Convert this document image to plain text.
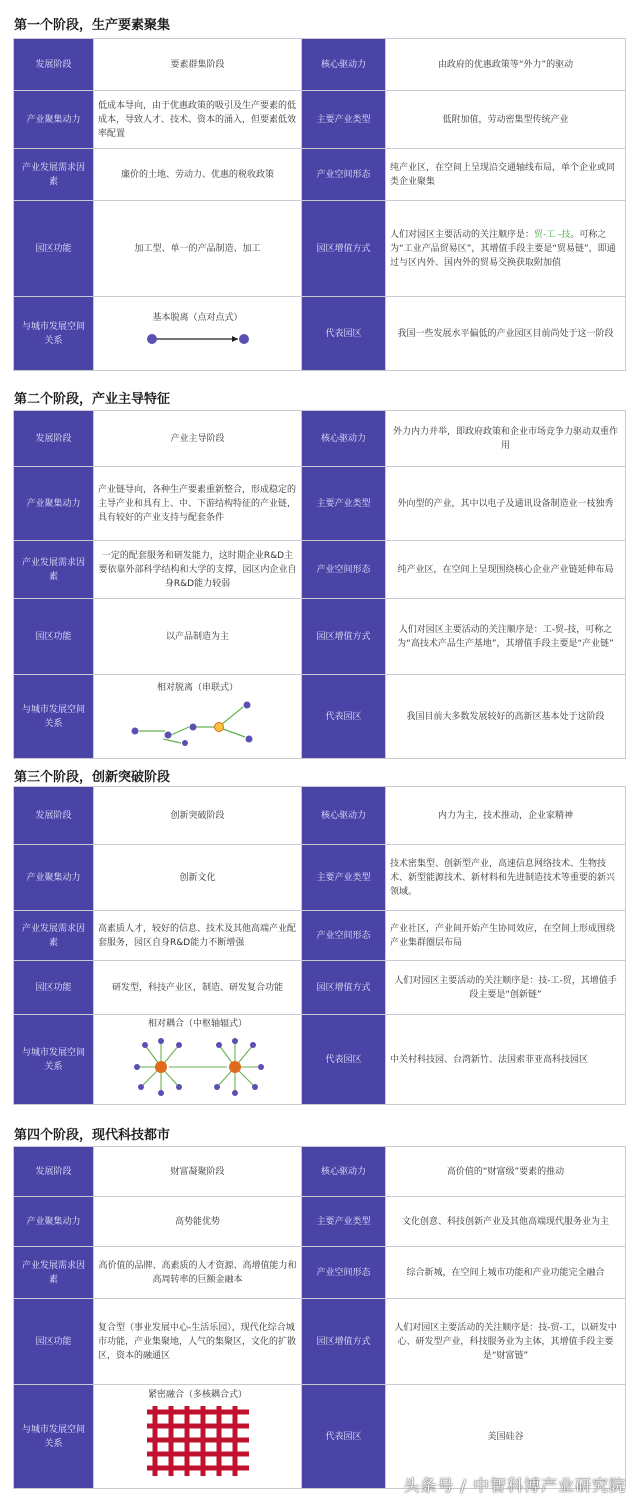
第一个阶段，生产要素聚集
发展阶段	要素群集阶段	核心驱动力	由政府的优惠政策等“外力”的驱动
产业聚集动力	低成本导向，由于优惠政策的吸引及生产要素的低成本，导致人才、技术、资本的涌入，但要素低效率配置	主要产业类型	低附加值，劳动密集型传统产业
产业发展需求因素	廉价的土地、劳动力、优惠的税收政策	产业空间形态	纯产业区，在空间上呈现沿交通轴线布局，单个企业或同类企业聚集
园区功能	加工型、单一的产品制造、加工	园区增值方式	人们对园区主要活动的关注顺序是：贸-工 -技。可称之为“工业产品贸易区”，其增值手段主要是“贸易链”，即通过与区内外、国内外的贸易交换获取附加值
与城市发展空间关系	基本脱离（点对点式）	代表园区	我国一些发展水平偏低的产业园区目前尚处于这一阶段
第二个阶段，产业主导特征
发展阶段	产业主导阶段	核心驱动力	外力内力并举，即政府政策和企业市场竞争力驱动双重作用
产业聚集动力	产业链导向，各种生产要素重新整合，形成稳定的主导产业和具有上、中、下游结构特征的产业链，具有较好的产业支持与配套条件	主要产业类型	外向型的产业，其中以电子及通讯设备制造业一枝独秀
产业发展需求因素	一定的配套服务和研发能力，这时期企业R&D主要依靠外部科学结构和大学的支撑，园区内企业自身R&D能力较弱	产业空间形态	纯产业区，在空间上呈现围绕核心企业产业链延伸布局
园区功能	以产品制造为主	园区增值方式	人们对园区主要活动的关注顺序是：工-贸-技，可称之为“高技术产品生产基地”，其增值手段主要是“产业链”
与城市发展空间关系	相对脱离（串联式）	代表园区	我国目前大多数发展较好的高新区基本处于这阶段
第三个阶段，创新突破阶段
发展阶段	创新突破阶段	核心驱动力	内力为主，技术推动，企业家精神
产业聚集动力	创新文化	主要产业类型	技术密集型、创新型产业，高速信息网络技术、生物技术、新型能源技术、新材料和先进制造技术等重要的新兴领域。
产业发展需求因素	高素质人才，较好的信息、技术及其他高端产业配套服务，园区自身R&D能力不断增强	产业空间形态	产业社区，产业间开始产生协同效应，在空间上形成围绕产业集群圈层布局
园区功能	研发型，科技产业区，制造、研发复合功能	园区增值方式	人们对园区主要活动的关注顺序是：技-工-贸，其增值手段主要是“创新链”
与城市发展空间关系	相对耦合（中枢轴辐式）	代表园区	中关村科技园、台湾新竹、法国索菲亚高科技园区
第四个阶段，现代科技都市
发展阶段	财富凝聚阶段	核心驱动力	高价值的“财富级”要素的推动
产业聚集动力	高势能优势	主要产业类型	文化创意、科技创新产业及其他高端现代服务业为主
产业发展需求因素	高价值的品牌、高素质的人才资源、高增值能力和高周转率的巨额金融本	产业空间形态	综合新城，在空间上城市功能和产业功能完全融合
园区功能	复合型（事业发展中心-生活乐园），现代化综合城市功能，产业集聚地，人气的集聚区，文化的扩散区，资本的融通区	园区增值方式	人们对园区主要活动的关注顺序是：技-贸-工，以研发中心、研发型产业，科技服务业为主体，其增值手段主要是“财富链”
与城市发展空间关系	紧密融合（多核耦合式）	代表园区	美国硅谷
头条号 / 中智科博产业研究院
